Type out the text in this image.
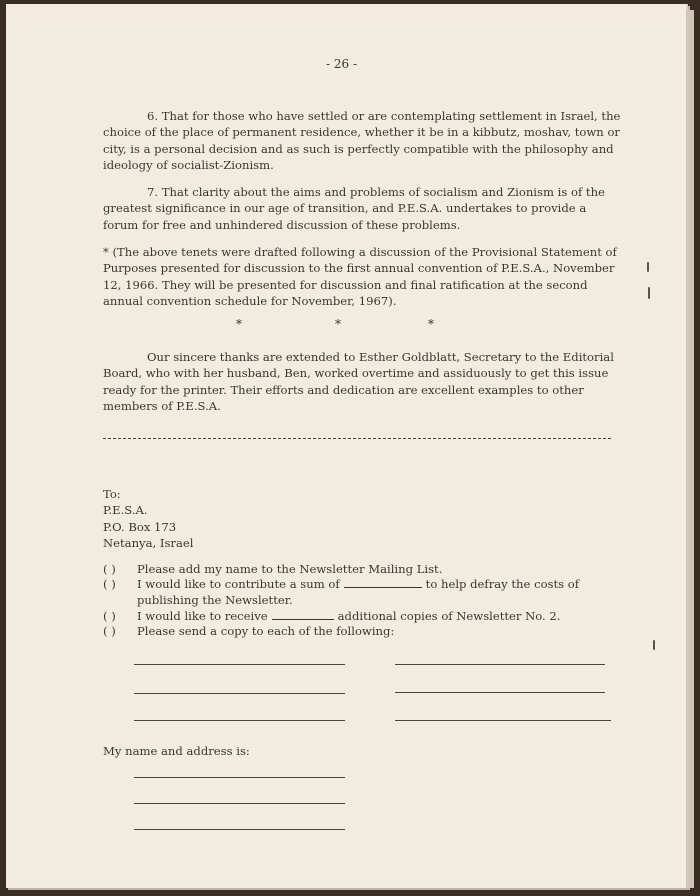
- 26 -
6. That for those who have settled or are contemplating settlement in Israel, the choice of the place of permanent residence, whether it be in a kibbutz, moshav, town or city, is a personal decision and as such is perfectly compatible with the philosophy and ideology of socialist-Zionism.
7. That clarity about the aims and problems of socialism and Zionism is of the greatest significance in our age of transition, and P.E.S.A. undertakes to provide a forum for free and unhindered discussion of these problems.
* (The above tenets were drafted following a discussion of the Provisional Statement of Purposes presented for discussion to the first annual convention of P.E.S.A., November 12, 1966. They will be presented for discussion and final ratification at the second annual convention schedule for November, 1967).
*	*	*
Our sincere thanks are extended to Esther Goldblatt, Secretary to the Editorial Board, who with her husband, Ben, worked overtime and assiduously to get this issue ready for the printer. Their efforts and dedication are excellent examples to other members of P.E.S.A.
To:
P.E.S.A.
P.O. Box 173
Netanya, Israel
( ) Please add my name to the Newsletter Mailing List.
( ) I would like to contribute a sum of	to help defray the costs of
publishing the Newsletter.
( ) I would like to receive	additional copies of Newsletter No. 2.
( ) Please send a copy to each of the following:
My name and address is:
